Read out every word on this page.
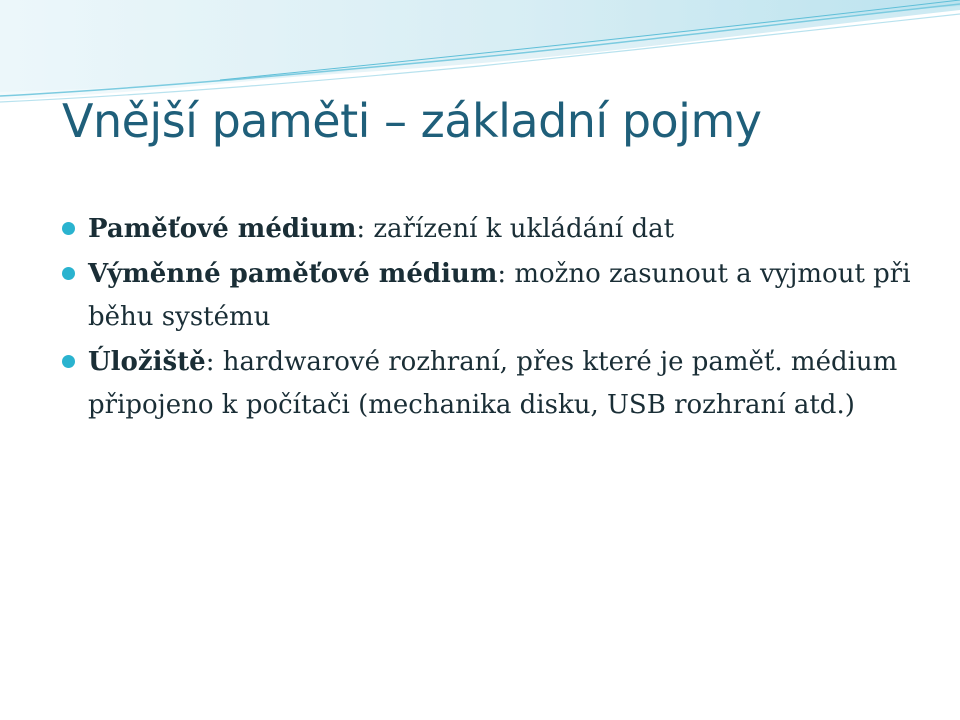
Vnější paměti – základní pojmy
Paměťové médium: zařízení k ukládání dat
Výměnné paměťové médium: možno zasunout a vyjmout při běhu systému
Úložiště: hardwarové rozhraní, přes které je paměť. médium připojeno k počítači (mechanika disku, USB rozhraní atd.)
